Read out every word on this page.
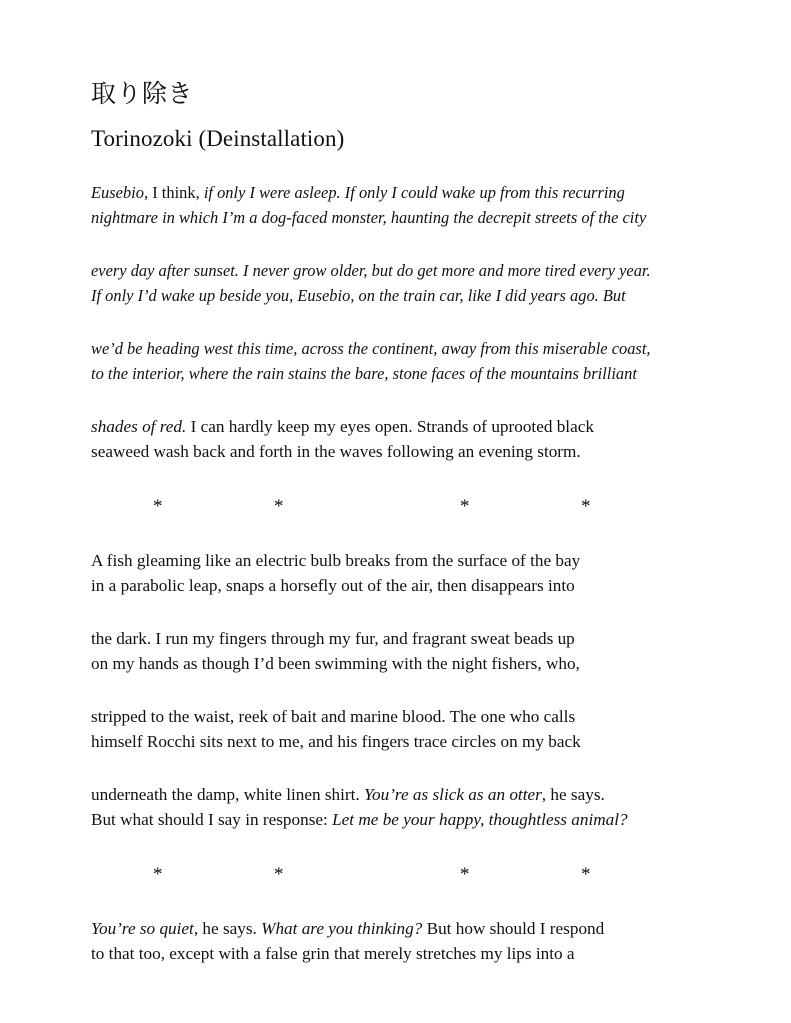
取り除き
Torinozoki (Deinstallation)

Eusebio, I think, if only I were asleep. If only I could wake up from this recurring
nightmare in which I’m a dog-faced monster, haunting the decrepit streets of the city

every day after sunset. I never grow older, but do get more and more tired every year.
If only I’d wake up beside you, Eusebio, on the train car, like I did years ago. But

we’d be heading west this time, across the continent, away from this miserable coast,
to the interior, where the rain stains the bare, stone faces of the mountains brilliant

shades of red. I can hardly keep my eyes open. Strands of uprooted black
seaweed wash back and forth in the waves following an evening storm.

*	*	*	*

A fish gleaming like an electric bulb breaks from the surface of the bay
in a parabolic leap, snaps a horsefly out of the air, then disappears into

the dark. I run my fingers through my fur, and fragrant sweat beads up
on my hands as though I’d been swimming with the night fishers, who,

stripped to the waist, reek of bait and marine blood. The one who calls
himself Rocchi sits next to me, and his fingers trace circles on my back

underneath the damp, white linen shirt. You’re as slick as an otter, he says.
But what should I say in response: Let me be your happy, thoughtless animal?

*	*	*	*

You’re so quiet, he says. What are you thinking? But how should I respond
to that too, except with a false grin that merely stretches my lips into a
